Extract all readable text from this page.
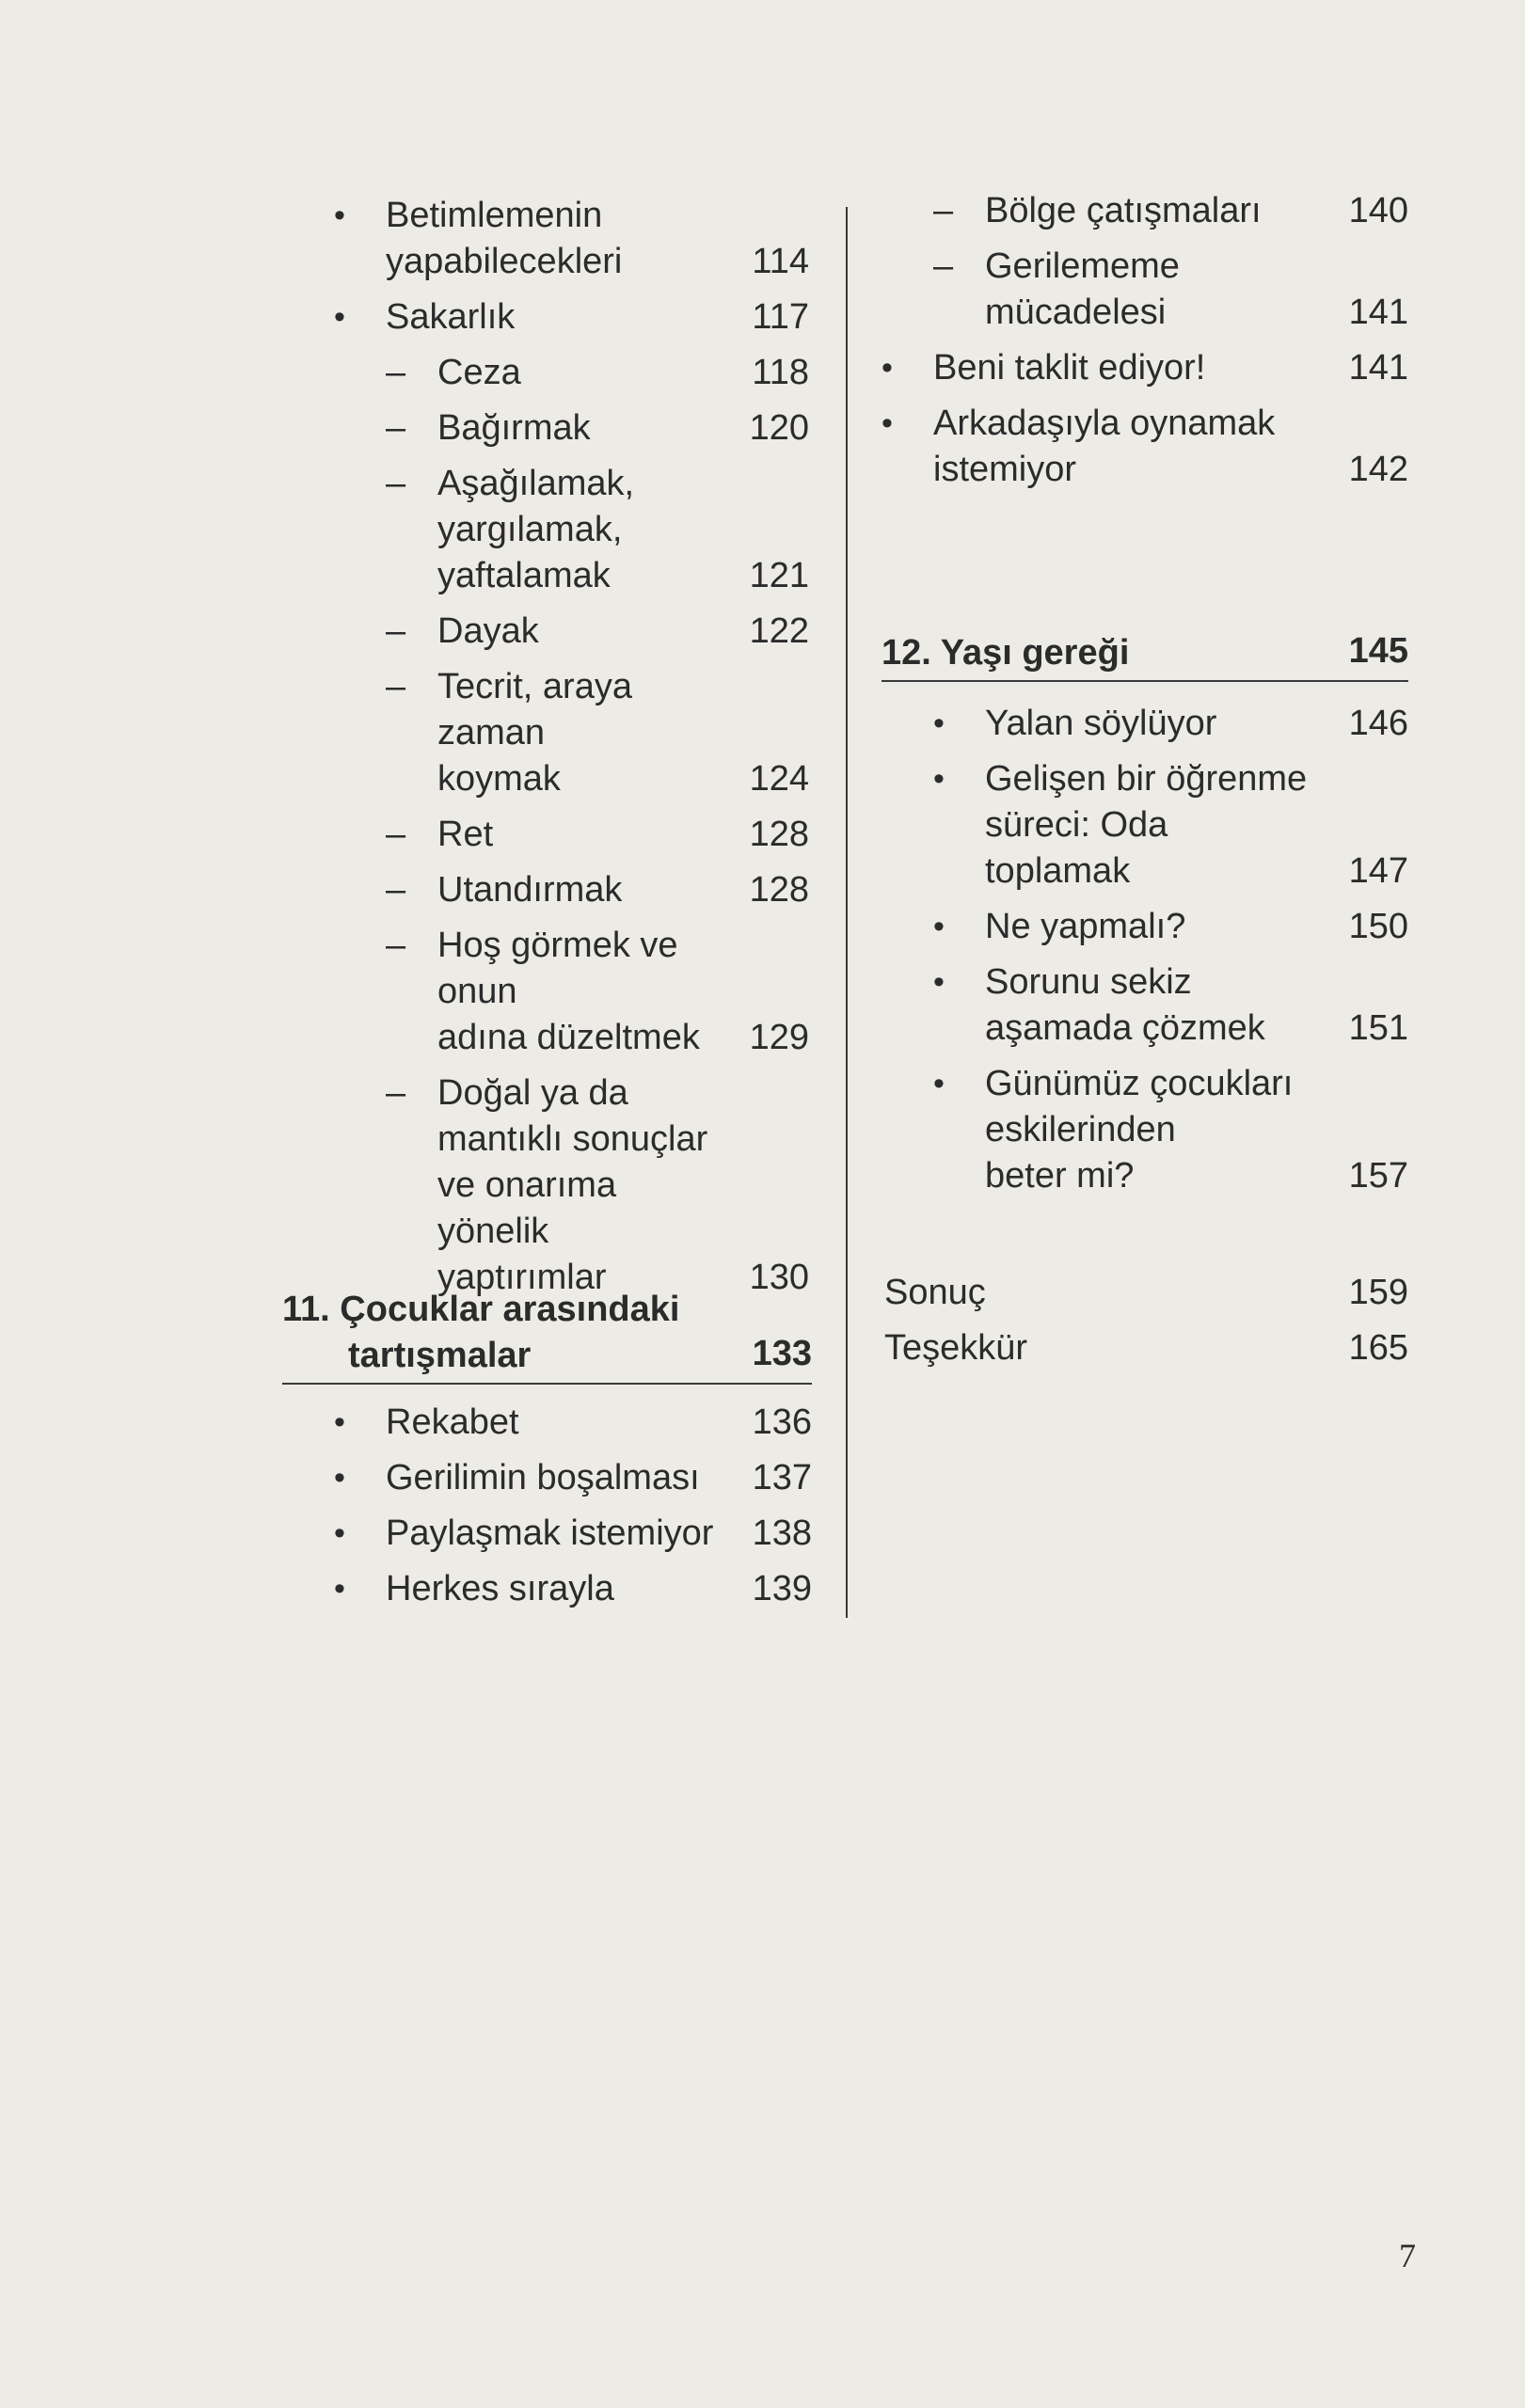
• Betimlemenin
yapabilecekleri	114
• Sakarlık	117
– Ceza	118
– Bağırmak	120
– Aşağılamak,
yargılamak,
yaftalamak	121
– Dayak	122
– Tecrit, araya zaman
koymak	124
– Ret	128
– Utandırmak	128
– Hoş görmek ve onun
adına düzeltmek	129
– Doğal ya da
mantıklı sonuçlar
ve onarıma yönelik
yaptırımlar	130
11. Çocuklar arasındaki
tartışmalar	133
• Rekabet	136
• Gerilimin boşalması	137
• Paylaşmak istemiyor	138
• Herkes sırayla	139
– Bölge çatışmaları	140
– Gerilememe
mücadelesi	141
• Beni taklit ediyor!	141
• Arkadaşıyla oynamak
istemiyor	142
12. Yaşı gereği	145
• Yalan söylüyor	146
• Gelişen bir öğrenme
süreci: Oda
toplamak	147
• Ne yapmalı?	150
• Sorunu sekiz
aşamada çözmek	151
• Günümüz çocukları
eskilerinden
beter mi?	157
Sonuç	159
Teşekkür	165
7
